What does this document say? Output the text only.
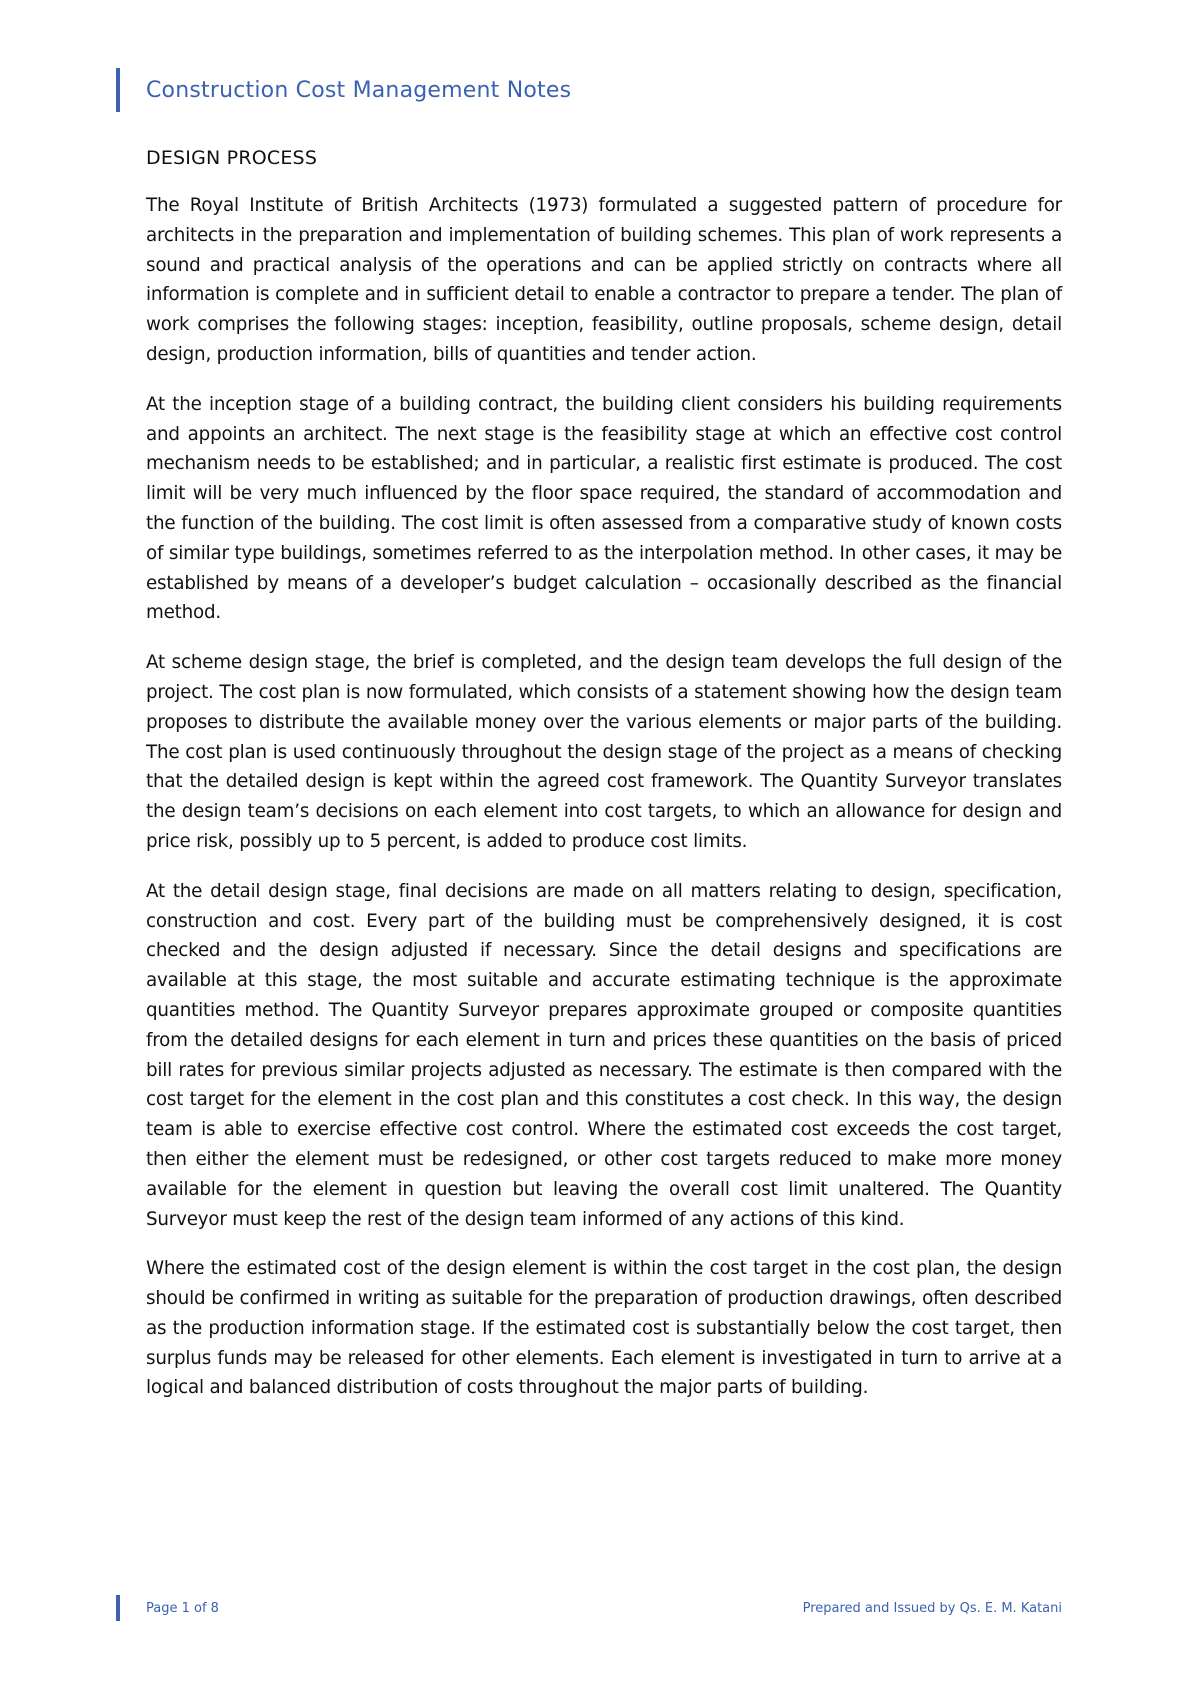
Construction Cost Management Notes
DESIGN PROCESS

The Royal Institute of British Architects (1973) formulated a suggested pattern of procedure for architects in the preparation and implementation of building schemes. This plan of work represents a sound and practical analysis of the operations and can be applied strictly on contracts where all information is complete and in sufficient detail to enable a contractor to prepare a tender. The plan of work comprises the following stages: inception, feasibility, outline proposals, scheme design, detail design, production information, bills of quantities and tender action.

At the inception stage of a building contract, the building client considers his building requirements and appoints an architect. The next stage is the feasibility stage at which an effective cost control mechanism needs to be established; and in particular, a realistic first estimate is produced. The cost limit will be very much influenced by the floor space required, the standard of accommodation and the function of the building. The cost limit is often assessed from a comparative study of known costs of similar type buildings, sometimes referred to as the interpolation method. In other cases, it may be established by means of a developer’s budget calculation – occasionally described as the financial method.

At scheme design stage, the brief is completed, and the design team develops the full design of the project. The cost plan is now formulated, which consists of a statement showing how the design team proposes to distribute the available money over the various elements or major parts of the building. The cost plan is used continuously throughout the design stage of the project as a means of checking that the detailed design is kept within the agreed cost framework. The Quantity Surveyor translates the design team’s decisions on each element into cost targets, to which an allowance for design and price risk, possibly up to 5 percent, is added to produce cost limits.

At the detail design stage, final decisions are made on all matters relating to design, specification, construction and cost. Every part of the building must be comprehensively designed, it is cost checked and the design adjusted if necessary. Since the detail designs and specifications are available at this stage, the most suitable and accurate estimating technique is the approximate quantities method. The Quantity Surveyor prepares approximate grouped or composite quantities from the detailed designs for each element in turn and prices these quantities on the basis of priced bill rates for previous similar projects adjusted as necessary. The estimate is then compared with the cost target for the element in the cost plan and this constitutes a cost check. In this way, the design team is able to exercise effective cost control. Where the estimated cost exceeds the cost target, then either the element must be redesigned, or other cost targets reduced to make more money available for the element in question but leaving the overall cost limit unaltered. The Quantity Surveyor must keep the rest of the design team informed of any actions of this kind.

Where the estimated cost of the design element is within the cost target in the cost plan, the design should be confirmed in writing as suitable for the preparation of production drawings, often described as the production information stage. If the estimated cost is substantially below the cost target, then surplus funds may be released for other elements. Each element is investigated in turn to arrive at a logical and balanced distribution of costs throughout the major parts of building.

Page 1 of 8	Prepared and Issued by Qs. E. M. Katani
